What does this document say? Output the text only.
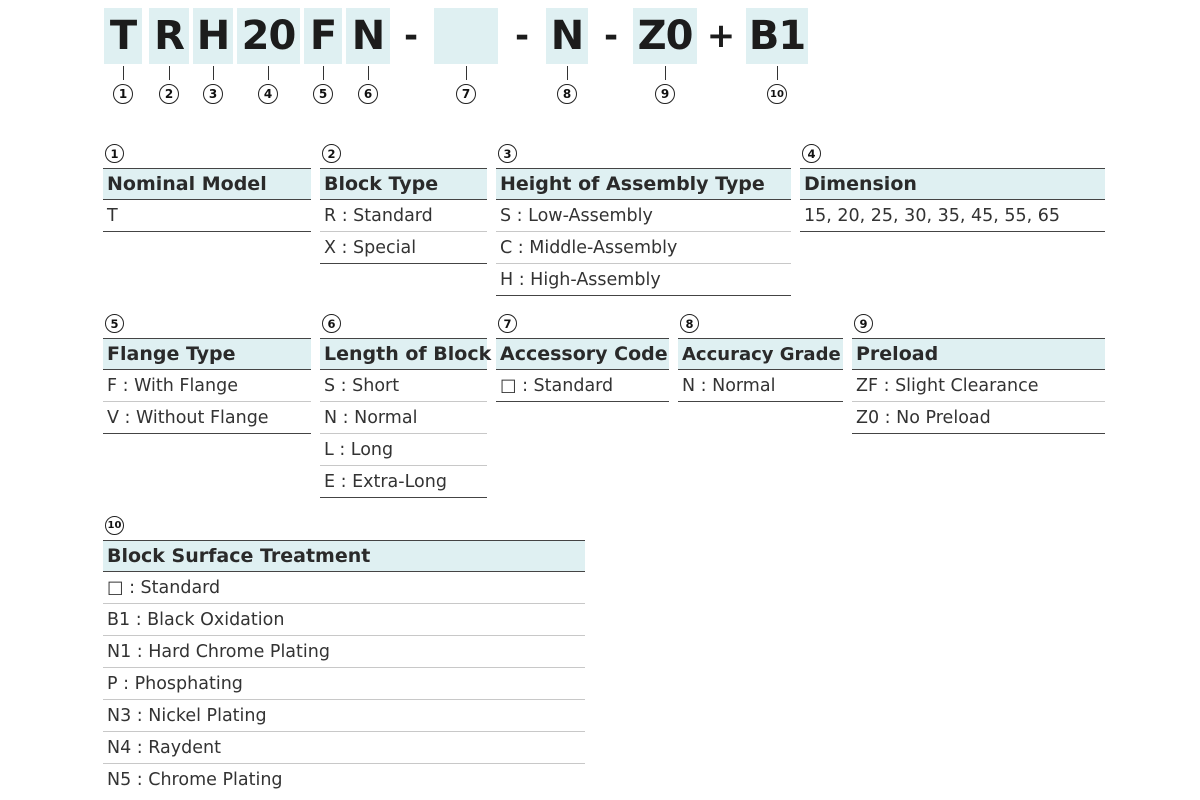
T R H 20 F N -	- N - Z0 + B1
1	2	3	4	5	6	7	8	9	10
1
Nominal Model
T
2
Block Type
R : Standard
X : Special
3
Height of Assembly Type
S : Low-Assembly
C : Middle-Assembly
H : High-Assembly
4
Dimension
15, 20, 25, 30, 35, 45, 55, 65
5
Flange Type
F : With Flange
V : Without Flange
6
Length of Block
S : Short
N : Normal
L : Long
E : Extra-Long
7
Accessory Code
□ : Standard
8
Accuracy Grade
N : Normal
9
Preload
ZF : Slight Clearance
Z0 : No Preload
10
Block Surface Treatment
□ : Standard
B1 : Black Oxidation
N1 : Hard Chrome Plating
P : Phosphating
N3 : Nickel Plating
N4 : Raydent
N5 : Chrome Plating
